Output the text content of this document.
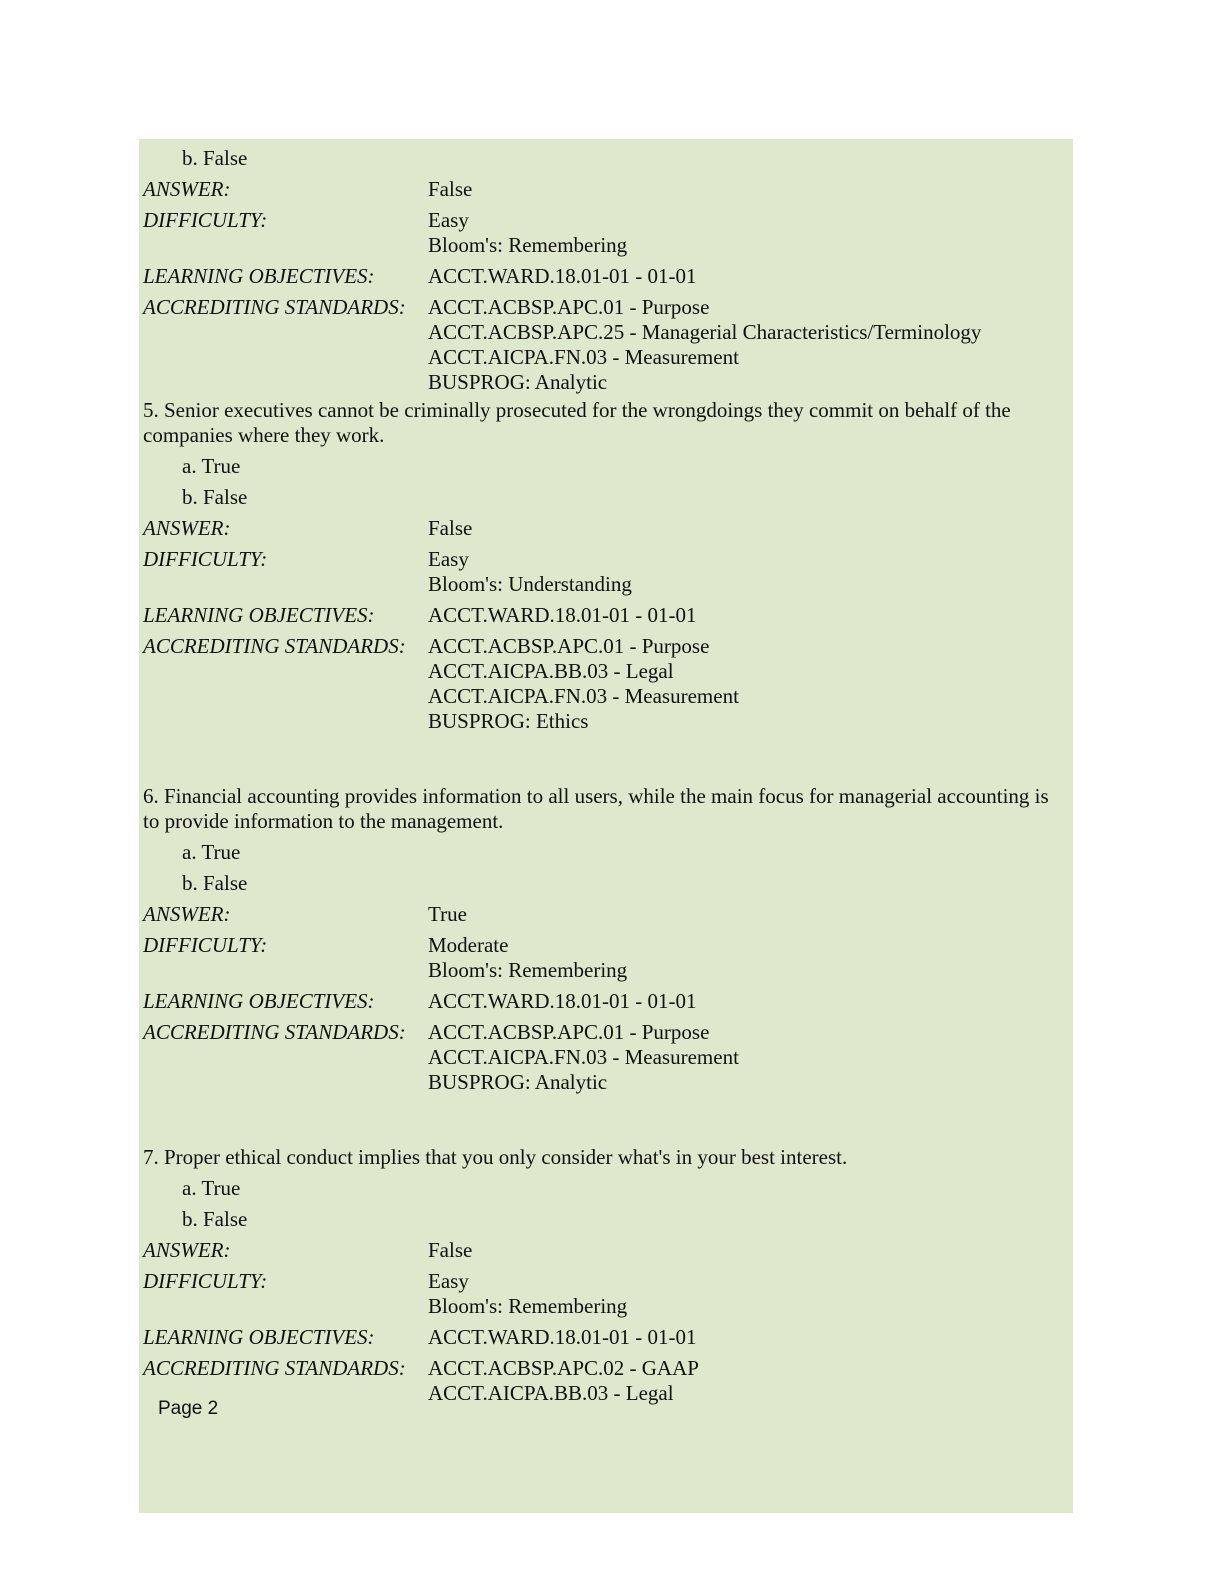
b. False
ANSWER:	False
DIFFICULTY:	Easy
Bloom's: Remembering
LEARNING OBJECTIVES:	ACCT.WARD.18.01-01 - 01-01
ACCREDITING STANDARDS:	ACCT.ACBSP.APC.01 - Purpose
ACCT.ACBSP.APC.25 - Managerial Characteristics/Terminology
ACCT.AICPA.FN.03 - Measurement
BUSPROG: Analytic
5. Senior executives cannot be criminally prosecuted for the wrongdoings they commit on behalf of the companies where they work.
a. True
b. False
ANSWER:	False
DIFFICULTY:	Easy
Bloom's: Understanding
LEARNING OBJECTIVES:	ACCT.WARD.18.01-01 - 01-01
ACCREDITING STANDARDS:	ACCT.ACBSP.APC.01 - Purpose
ACCT.AICPA.BB.03 - Legal
ACCT.AICPA.FN.03 - Measurement
BUSPROG: Ethics
6. Financial accounting provides information to all users, while the main focus for managerial accounting is to provide information to the management.
a. True
b. False
ANSWER:	True
DIFFICULTY:	Moderate
Bloom's: Remembering
LEARNING OBJECTIVES:	ACCT.WARD.18.01-01 - 01-01
ACCREDITING STANDARDS:	ACCT.ACBSP.APC.01 - Purpose
ACCT.AICPA.FN.03 - Measurement
BUSPROG: Analytic
7. Proper ethical conduct implies that you only consider what's in your best interest.
a. True
b. False
ANSWER:	False
DIFFICULTY:	Easy
Bloom's: Remembering
LEARNING OBJECTIVES:	ACCT.WARD.18.01-01 - 01-01
ACCREDITING STANDARDS:	ACCT.ACBSP.APC.02 - GAAP
ACCT.AICPA.BB.03 - Legal
Page 2
